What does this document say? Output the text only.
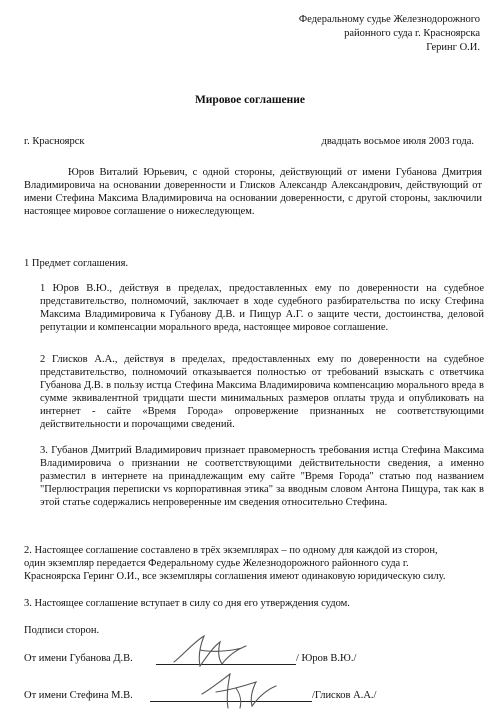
Федеральному судье Железнодорожного
районного суда г. Красноярска
Геринг О.И.
Мировое соглашение
г. Красноярск	двадцать восьмое июля 2003 года.
Юров Виталий Юрьевич, с одной стороны, действующий от имени Губанова Дмитрия Владимировича на основании доверенности и Глисков Александр Александрович, действующий от имени Стефина Максима Владимировича на основании доверенности, с другой стороны, заключили настоящее мировое соглашение о нижеследующем.
1 Предмет соглашения.
1 Юров В.Ю., действуя в пределах, предоставленных ему по доверенности на судебное представительство, полномочий, заключает в ходе судебного разбирательства по иску Стефина Максима Владимировича к Губанову Д.В. и Пищур А.Г. о защите чести, достоинства, деловой репутации и компенсации морального вреда, настоящее мировое соглашение.
2 Глисков А.А., действуя в пределах, предоставленных ему по доверенности на судебное представительство, полномочий отказывается полностью от требований взыскать с ответчика Губанова Д.В. в пользу истца Стефина Максима Владимировича компенсацию морального вреда в сумме эквивалентной тридцати шести минимальных размеров оплаты труда и опубликовать на интернет - сайте «Время Города» опровержение признанных не соответствующими действительности и порочащими сведений.
3. Губанов Дмитрий Владимирович признает правомерность требования истца Стефина Максима Владимировича о признании не соответствующими действительности сведения, а именно разместил в интернете на принадлежащим ему сайте "Время Города" статью под названием "Перлюстрация переписки vs корпоративная этика" за вводным словом Антона Пищура, так как в этой статье содержались непроверенные им сведения относительно Стефина.
2. Настоящее соглашение составлено в трёх экземплярах – по одному для каждой из сторон, один экземпляр передается Федеральному судье Железнодорожного районного суда г. Красноярска Геринг О.И., все экземпляры соглашения имеют одинаковую юридическую силу.
3. Настоящее соглашение вступает в силу со дня его утверждения судом.
Подписи сторон.
От имени Губанова Д.В.	/ Юров В.Ю./
От имени Стефина М.В.	/Глисков А.А./
